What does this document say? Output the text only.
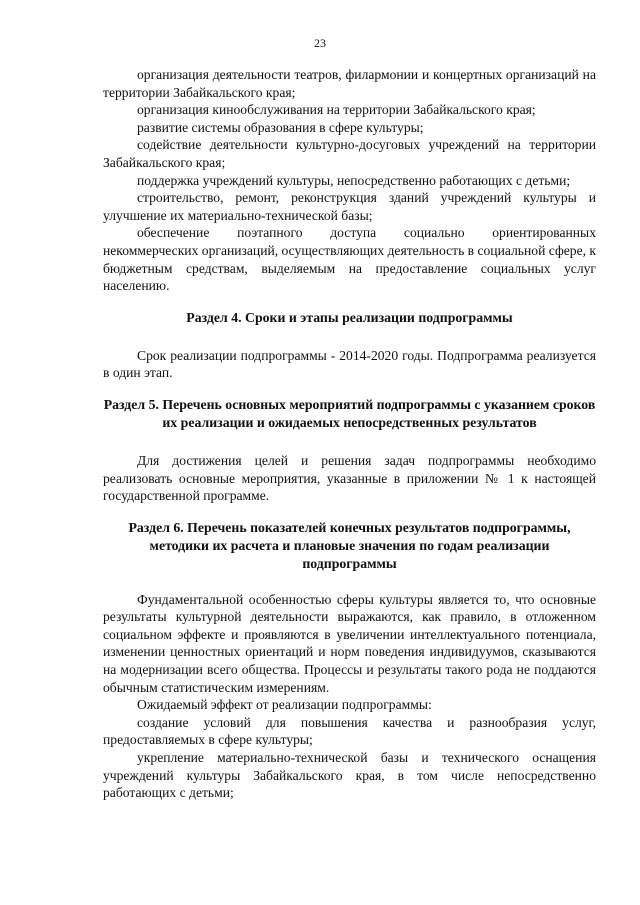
23

организация деятельности театров, филармонии и концертных организаций на территории Забайкальского края;

организация кинообслуживания на территории Забайкальского края;

развитие системы образования в сфере культуры;

содействие деятельности культурно-досуговых учреждений на территории Забайкальского края;

поддержка учреждений культуры, непосредственно работающих с детьми;

строительство, ремонт, реконструкция зданий учреждений культуры и улучшение их материально-технической базы;

обеспечение поэтапного доступа социально ориентированных некоммерческих организаций, осуществляющих деятельность в социальной сфере, к бюджетным средствам, выделяемым на предоставление социальных услуг населению.

Раздел 4. Сроки и этапы реализации подпрограммы

Срок реализации подпрограммы - 2014-2020 годы. Подпрограмма реализуется в один этап.

Раздел 5. Перечень основных мероприятий подпрограммы с указанием сроков их реализации и ожидаемых непосредственных результатов

Для достижения целей и решения задач подпрограммы необходимо реализовать основные мероприятия, указанные в приложении № 1 к настоящей государственной программе.

Раздел 6. Перечень показателей конечных результатов подпрограммы, методики их расчета и плановые значения по годам реализации подпрограммы

Фундаментальной особенностью сферы культуры является то, что основные результаты культурной деятельности выражаются, как правило, в отложенном социальном эффекте и проявляются в увеличении интеллектуального потенциала, изменении ценностных ориентаций и норм поведения индивидуумов, сказываются на модернизации всего общества. Процессы и результаты такого рода не поддаются обычным статистическим измерениям.

Ожидаемый эффект от реализации подпрограммы:

создание условий для повышения качества и разнообразия услуг, предоставляемых в сфере культуры;

укрепление материально-технической базы и технического оснащения учреждений культуры Забайкальского края, в том числе непосредственно работающих с детьми;
